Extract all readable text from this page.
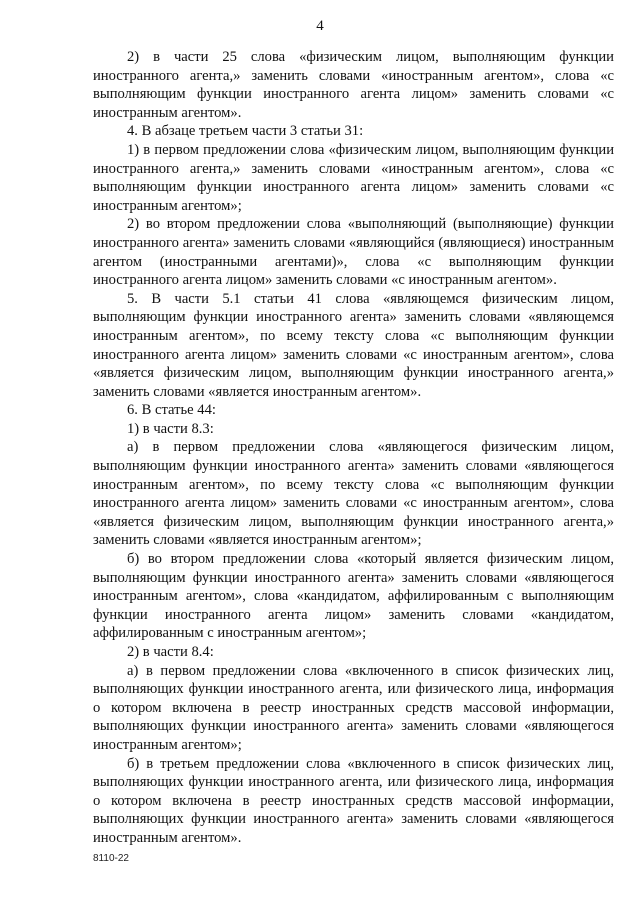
4

2) в части 25 слова «физическим лицом, выполняющим функции иностранного агента,» заменить словами «иностранным агентом», слова «с выполняющим функции иностранного агента лицом» заменить словами «с иностранным агентом».

4. В абзаце третьем части 3 статьи 31:

1) в первом предложении слова «физическим лицом, выполняющим функции иностранного агента,» заменить словами «иностранным агентом», слова «с выполняющим функции иностранного агента лицом» заменить словами «с иностранным агентом»;

2) во втором предложении слова «выполняющий (выполняющие) функции иностранного агента» заменить словами «являющийся (являющиеся) иностранным агентом (иностранными агентами)», слова «с выполняющим функции иностранного агента лицом» заменить словами «с иностранным агентом».

5. В части 5.1 статьи 41 слова «являющемся физическим лицом, выполняющим функции иностранного агента» заменить словами «являющемся иностранным агентом», по всему тексту слова «с выполняющим функции иностранного агента лицом» заменить словами «с иностранным агентом», слова «является физическим лицом, выполняющим функции иностранного агента,» заменить словами «является иностранным агентом».

6. В статье 44:

1) в части 8.3:

а) в первом предложении слова «являющегося физическим лицом, выполняющим функции иностранного агента» заменить словами «являющегося иностранным агентом», по всему тексту слова «с выполняющим функции иностранного агента лицом» заменить словами «с иностранным агентом», слова «является физическим лицом, выполняющим функции иностранного агента,» заменить словами «является иностранным агентом»;

б) во втором предложении слова «который является физическим лицом, выполняющим функции иностранного агента» заменить словами «являющегося иностранным агентом», слова «кандидатом, аффилированным с выполняющим функции иностранного агента лицом» заменить словами «кандидатом, аффилированным с иностранным агентом»;

2) в части 8.4:

а) в первом предложении слова «включенного в список физических лиц, выполняющих функции иностранного агента, или физического лица, информация о котором включена в реестр иностранных средств массовой информации, выполняющих функции иностранного агента» заменить словами «являющегося иностранным агентом»;

б) в третьем предложении слова «включенного в список физических лиц, выполняющих функции иностранного агента, или физического лица, информация о котором включена в реестр иностранных средств массовой информации, выполняющих функции иностранного агента» заменить словами «являющегося иностранным агентом».

8110-22
